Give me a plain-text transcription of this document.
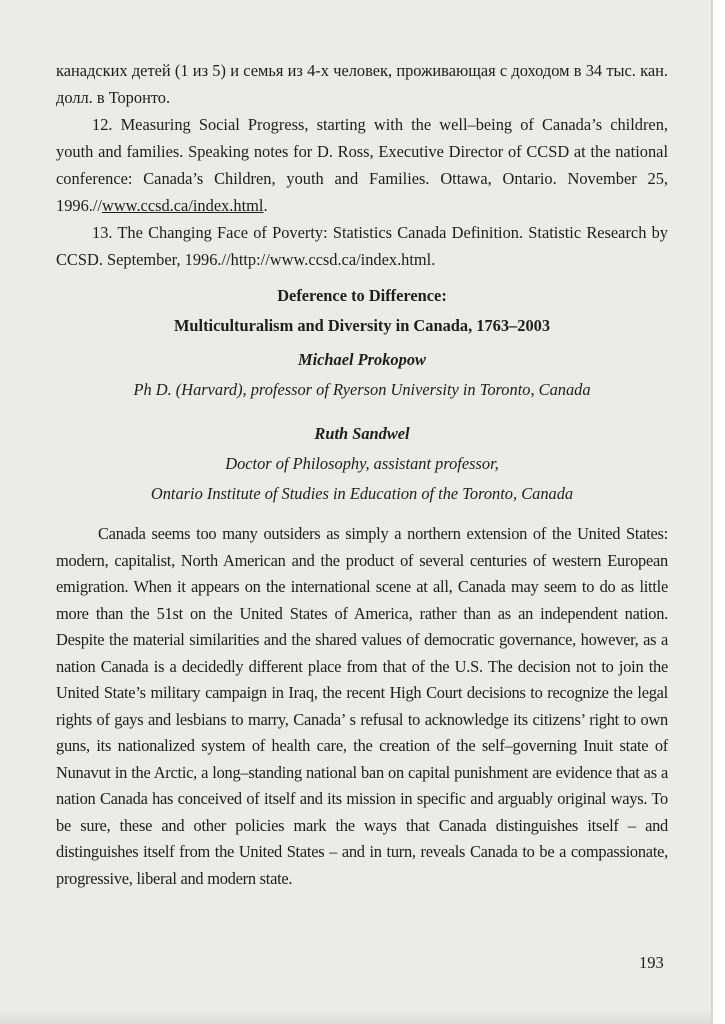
канадских детей (1 из 5) и семья из 4-х человек, проживающая с доходом в 34 тыс. кан. долл. в Торонто.

12. Measuring Social Progress, starting with the well–being of Canada’s children, youth and families. Speaking notes for D. Ross, Executive Director of CCSD at the national conference: Canada’s Children, youth and Families. Ottawa, Ontario. November 25, 1996.//www.ccsd.ca/index.html.

13. The Changing Face of Poverty: Statistics Canada Definition. Statistic Research by CCSD. September, 1996.//http://www.ccsd.ca/index.html.

Deference to Difference:
Multiculturalism and Diversity in Canada, 1763–2003
Michael Prokopow
Ph D. (Harvard), professor of Ryerson University in Toronto, Canada
Ruth Sandwel
Doctor of Philosophy, assistant professor,
Ontario Institute of Studies in Education of the Toronto, Canada

Canada seems too many outsiders as simply a northern extension of the United States: modern, capitalist, North American and the product of several centuries of western European emigration. When it appears on the international scene at all, Canada may seem to do as little more than the 51st on the United States of America, rather than as an independent nation. Despite the material similarities and the shared values of democratic governance, however, as a nation Canada is a decidedly different place from that of the U.S. The decision not to join the United State’s military campaign in Iraq, the recent High Court decisions to recognize the legal rights of gays and lesbians to marry, Canada’ s refusal to acknowledge its citizens’ right to own guns, its nationalized system of health care, the creation of the self–governing Inuit state of Nunavut in the Arctic, a long–standing national ban on capital punishment are evidence that as a nation Canada has conceived of itself and its mission in specific and arguably original ways. To be sure, these and other policies mark the ways that Canada distinguishes itself – and distinguishes itself from the United States – and in turn, reveals Canada to be a compassionate, progressive, liberal and modern state.

193
